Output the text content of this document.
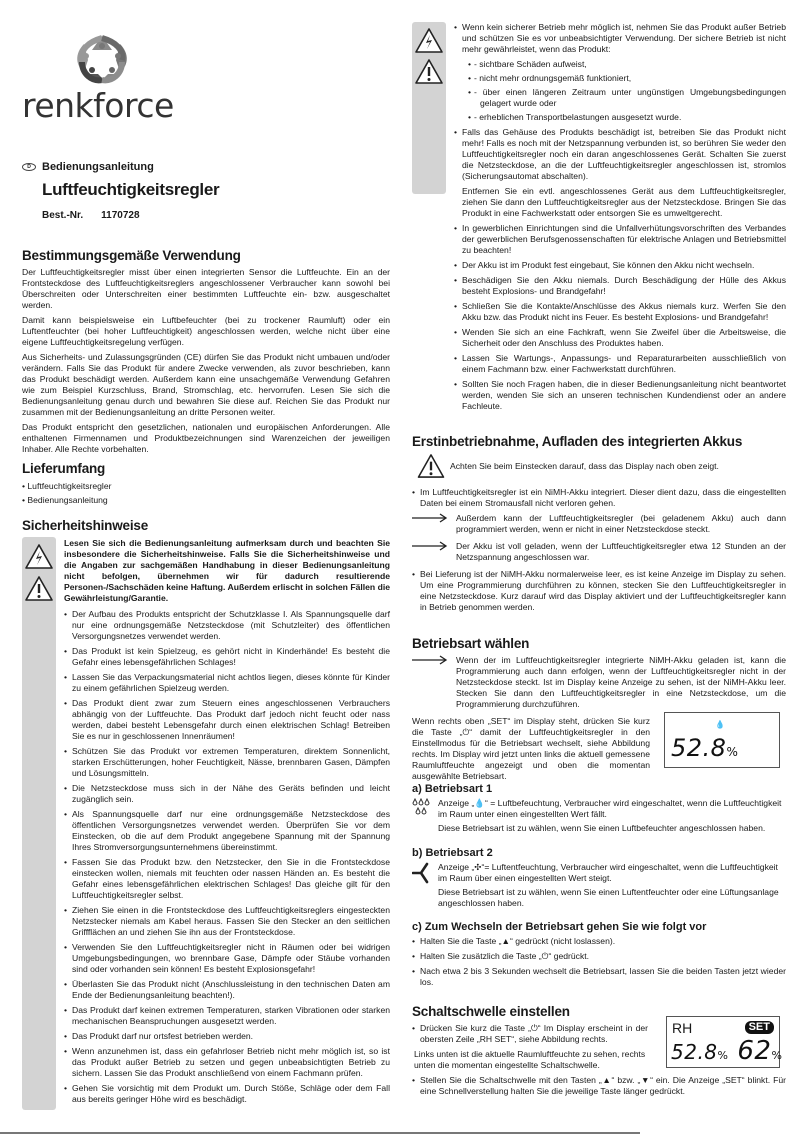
renkforce
D Bedienungsanleitung
Luftfeuchtigkeitsregler
Best.-Nr. 1170728
Bestimmungsgemäße Verwendung

Der Luftfeuchtigkeitsregler misst über einen integrierten Sensor die Luftfeuchte. Ein an der Frontsteckdose des Luftfeuchtigkeitsreglers angeschlossener Verbraucher kann sowohl bei Überschreiten oder Unterschreiten einer bestimmten Luftfeuchte ein- bzw. ausgeschaltet werden.

Damit kann beispielsweise ein Luftbefeuchter (bei zu trockener Raumluft) oder ein Luftentfeuchter (bei hoher Luftfeuchtigkeit) angeschlossen werden, welche nicht über eine eigene Luftfeuchtigkeitsregelung verfügen.

Aus Sicherheits- und Zulassungsgründen (CE) dürfen Sie das Produkt nicht umbauen und/oder verändern. Falls Sie das Produkt für andere Zwecke verwenden, als zuvor beschrieben, kann das Produkt beschädigt werden. Außerdem kann eine unsachgemäße Verwendung Gefahren wie zum Beispiel Kurzschluss, Brand, Stromschlag, etc. hervorrufen. Lesen Sie sich die Bedienungsanleitung genau durch und bewahren Sie diese auf. Reichen Sie das Produkt nur zusammen mit der Bedienungsanleitung an dritte Personen weiter.

Das Produkt entspricht den gesetzlichen, nationalen und europäischen Anforderungen. Alle enthaltenen Firmennamen und Produktbezeichnungen sind Warenzeichen der jeweiligen Inhaber. Alle Rechte vorbehalten.

Lieferumfang
• Luftfeuchtigkeitsregler
• Bedienungsanleitung
Sicherheitshinweise

Lesen Sie sich die Bedienungsanleitung aufmerksam durch und beachten Sie insbesondere die Sicherheitshinweise. Falls Sie die Sicherheitshinweise und die Angaben zur sachgemäßen Handhabung in dieser Bedienungsanleitung nicht befolgen, übernehmen wir für dadurch resultierende Personen-/Sachschäden keine Haftung. Außerdem erlischt in solchen Fällen die Gewährleistung/Garantie.

• Der Aufbau des Produkts entspricht der Schutzklasse I. Als Spannungsquelle darf nur eine ordnungsgemäße Netzsteckdose (mit Schutzleiter) des öffentlichen Versorgungsnetzes verwendet werden.
• Das Produkt ist kein Spielzeug, es gehört nicht in Kinderhände! Es besteht die Gefahr eines lebensgefährlichen Schlages!
• Lassen Sie das Verpackungsmaterial nicht achtlos liegen, dieses könnte für Kinder zu einem gefährlichen Spielzeug werden.
• Das Produkt dient zwar zum Steuern eines angeschlossenen Verbrauchers abhängig von der Luftfeuchte. Das Produkt darf jedoch nicht feucht oder nass werden, dabei besteht Lebensgefahr durch einen elektrischen Schlag! Betreiben Sie es nur in geschlossenen Innenräumen!
• Schützen Sie das Produkt vor extremen Temperaturen, direktem Sonnenlicht, starken Erschütterungen, hoher Feuchtigkeit, Nässe, brennbaren Gasen, Dämpfen und Lösungsmitteln.
• Die Netzsteckdose muss sich in der Nähe des Geräts befinden und leicht zugänglich sein.
• Als Spannungsquelle darf nur eine ordnungsgemäße Netzsteckdose des öffentlichen Versorgungsnetzes verwendet werden. Überprüfen Sie vor dem Einstecken, ob die auf dem Produkt angegebene Spannung mit der Spannung Ihres Stromversorgungsunternehmens übereinstimmt.
• Fassen Sie das Produkt bzw. den Netzstecker, den Sie in die Frontsteckdose einstecken wollen, niemals mit feuchten oder nassen Händen an. Es besteht die Gefahr eines lebensgefährlichen elektrischen Schlages! Das gleiche gilt für den Luftfeuchtigkeitsregler selbst.
• Ziehen Sie einen in die Frontsteckdose des Luftfeuchtigkeitsreglers eingesteckten Netzstecker niemals am Kabel heraus. Fassen Sie den Stecker an den seitlichen Griffflächen an und ziehen Sie ihn aus der Frontsteckdose.
• Verwenden Sie den Luftfeuchtigkeitsregler nicht in Räumen oder bei widrigen Umgebungsbedingungen, wo brennbare Gase, Dämpfe oder Stäube vorhanden sind oder vorhanden sein können! Es besteht Explosionsgefahr!
• Überlasten Sie das Produkt nicht (Anschlussleistung in den technischen Daten am Ende der Bedienungsanleitung beachten!).
• Das Produkt darf keinen extremen Temperaturen, starken Vibrationen oder starken mechanischen Beanspruchungen ausgesetzt werden.
• Das Produkt darf nur ortsfest betrieben werden.
• Wenn anzunehmen ist, dass ein gefahrloser Betrieb nicht mehr möglich ist, so ist das Produkt außer Betrieb zu setzen und gegen unbeabsichtigten Betrieb zu sichern. Lassen Sie das Produkt anschließend von einem Fachmann prüfen.
• Gehen Sie vorsichtig mit dem Produkt um. Durch Stöße, Schläge oder dem Fall aus bereits geringer Höhe wird es beschädigt.
• Wenn kein sicherer Betrieb mehr möglich ist, nehmen Sie das Produkt außer Betrieb und schützen Sie es vor unbeabsichtigter Verwendung. Der sichere Betrieb ist nicht mehr gewährleistet, wenn das Produkt:
• - sichtbare Schäden aufweist,
• - nicht mehr ordnungsgemäß funktioniert,
• - über einen längeren Zeitraum unter ungünstigen Umgebungsbedingungen gelagert wurde oder
• - erheblichen Transportbelastungen ausgesetzt wurde.
• Falls das Gehäuse des Produkts beschädigt ist, betreiben Sie das Produkt nicht mehr! Falls es noch mit der Netzspannung verbunden ist, so berühren Sie weder den Luftfeuchtigkeitsregler noch ein daran angeschlossenes Gerät. Schalten Sie zuerst die Netzsteckdose, an die der Luftfeuchtigkeitsregler angeschlossen ist, stromlos (Sicherungsautomat abschalten).
Entfernen Sie ein evtl. angeschlossenes Gerät aus dem Luftfeuchtigkeitsregler, ziehen Sie dann den Luftfeuchtigkeitsregler aus der Netzsteckdose. Bringen Sie das Produkt in eine Fachwerkstatt oder entsorgen Sie es umweltgerecht.
• In gewerblichen Einrichtungen sind die Unfallverhütungsvorschriften des Verbandes der gewerblichen Berufsgenossenschaften für elektrische Anlagen und Betriebsmittel zu beachten!
• Der Akku ist im Produkt fest eingebaut, Sie können den Akku nicht wechseln.
• Beschädigen Sie den Akku niemals. Durch Beschädigung der Hülle des Akkus besteht Explosions- und Brandgefahr!
• Schließen Sie die Kontakte/Anschlüsse des Akkus niemals kurz. Werfen Sie den Akku bzw. das Produkt nicht ins Feuer. Es besteht Explosions- und Brandgefahr!
• Wenden Sie sich an eine Fachkraft, wenn Sie Zweifel über die Arbeitsweise, die Sicherheit oder den Anschluss des Produktes haben.
• Lassen Sie Wartungs-, Anpassungs- und Reparaturarbeiten ausschließlich von einem Fachmann bzw. einer Fachwerkstatt durchführen.
• Sollten Sie noch Fragen haben, die in dieser Bedienungsanleitung nicht beantwortet werden, wenden Sie sich an unseren technischen Kundendienst oder an andere Fachleute.
Erstinbetriebnahme, Aufladen des integrierten Akkus
Achten Sie beim Einstecken darauf, dass das Display nach oben zeigt.
• Im Luftfeuchtigkeitsregler ist ein NiMH-Akku integriert. Dieser dient dazu, dass die eingestellten Daten bei einem Stromausfall nicht verloren gehen.
Außerdem kann der Luftfeuchtigkeitsregler (bei geladenem Akku) auch dann programmiert werden, wenn er nicht in einer Netzsteckdose steckt.
Der Akku ist voll geladen, wenn der Luftfeuchtigkeitsregler etwa 12 Stunden an der Netzspannung angeschlossen war.
• Bei Lieferung ist der NiMH-Akku normalerweise leer, es ist keine Anzeige im Display zu sehen. Um eine Programmierung durchführen zu können, stecken Sie den Luftfeuchtigkeitsregler in eine Netzsteckdose. Kurz darauf wird das Display aktiviert und der Luftfeuchtigkeitsregler kann in Betrieb genommen werden.
Betriebsart wählen
Wenn der im Luftfeuchtigkeitsregler integrierte NiMH-Akku geladen ist, kann die Programmierung auch dann erfolgen, wenn der Luftfeuchtigkeitsregler nicht in der Netzsteckdose steckt. Ist im Display keine Anzeige zu sehen, ist der NiMH-Akku leer. Stecken Sie dann den Luftfeuchtigkeitsregler in eine Netzsteckdose, um die Programmierung durchzuführen.

Wenn rechts oben „SET“ im Display steht, drücken Sie kurz die Taste „⏻“ damit der Luftfeuchtigkeitsregler in den Einstellmodus für die Betriebsart wechselt, siehe Abbildung rechts. Im Display wird jetzt unten links die aktuell gemessene Raumluftfeuchte angezeigt und oben die momentan ausgewählte Betriebsart.

💧
52.8%
a) Betriebsart 1

Anzeige „💧“ = Luftbefeuchtung, Verbraucher wird eingeschaltet, wenn die Luftfeuchtigkeit im Raum unter einen eingestellten Wert fällt.

Diese Betriebsart ist zu wählen, wenn Sie einen Luftbefeuchter angeschlossen haben.

b) Betriebsart 2

Anzeige „✣“= Luftentfeuchtung, Verbraucher wird eingeschaltet, wenn die Luftfeuchtigkeit im Raum über einen eingestellten Wert steigt.

Diese Betriebsart ist zu wählen, wenn Sie einen Luftentfeuchter oder eine Lüftungsanlage angeschlossen haben.

c) Zum Wechseln der Betriebsart gehen Sie wie folgt vor
• Halten Sie die Taste „▲“ gedrückt (nicht loslassen).
• Halten Sie zusätzlich die Taste „⏻“ gedrückt.
• Nach etwa 2 bis 3 Sekunden wechselt die Betriebsart, lassen Sie die beiden Tasten jetzt wieder los.
Schaltschwelle einstellen
• Drücken Sie kurz die Taste „⏻“ Im Display erscheint in der obersten Zeile „RH SET“, siehe Abbildung rechts.

Links unten ist die aktuelle Raumluftfeuchte zu sehen, rechts unten die momentan eingestellte Schaltschwelle.

• Stellen Sie die Schaltschwelle mit den Tasten „▲“ bzw. „▼“ ein. Die Anzeige „SET“ blinkt. Für eine Schnellverstellung halten Sie die jeweilige Taste länger gedrückt.
RH	SET
52.8% 62%
